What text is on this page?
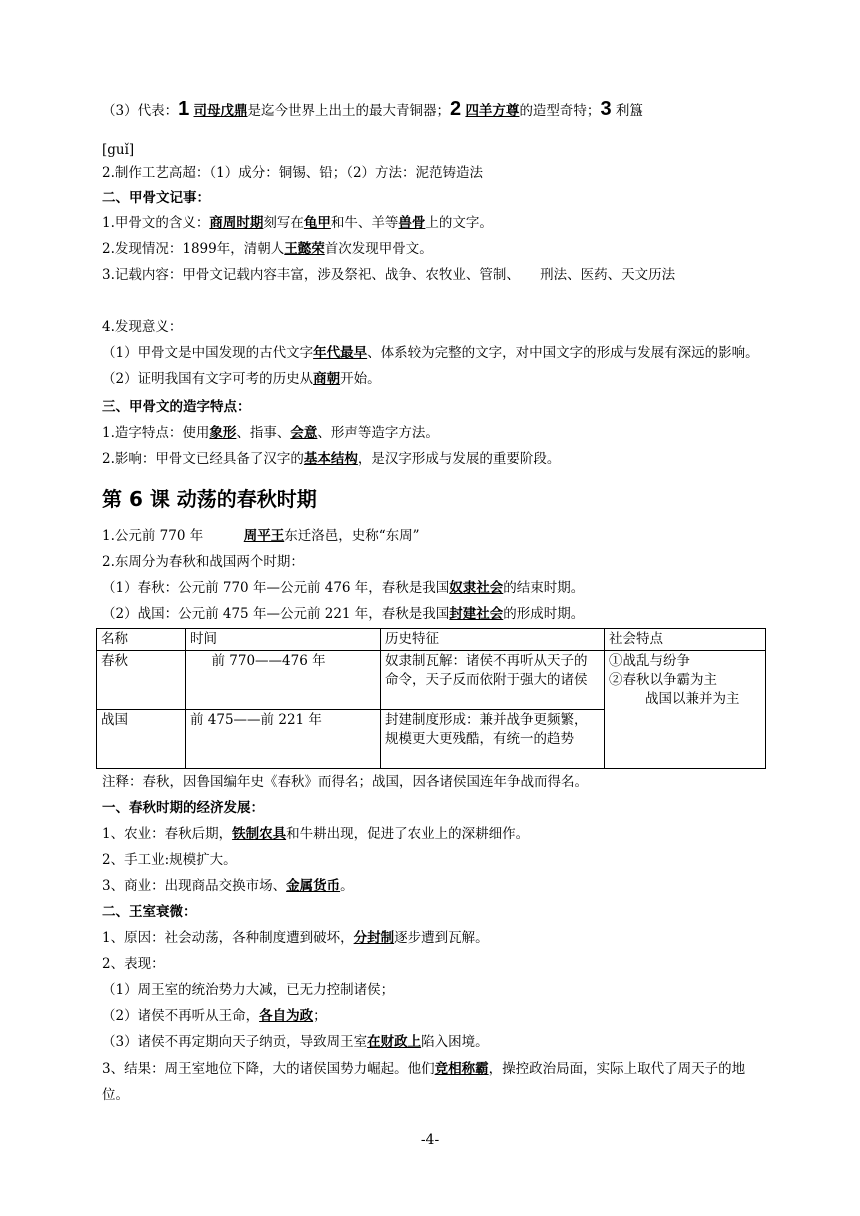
（3）代表：1 司母戊鼎是迄今世界上出土的最大青铜器；2 四羊方尊的造型奇特；3 利簋
[guǐ]
2.制作工艺高超：（1）成分：铜锡、铅；（2）方法：泥范铸造法
二、甲骨文记事：
1.甲骨文的含义：商周时期刻写在龟甲和牛、羊等兽骨上的文字。
2.发现情况：1899年，清朝人王懿荣首次发现甲骨文。
3.记载内容：甲骨文记载内容丰富，涉及祭祀、战争、农牧业、管制、　　刑法、医药、天文历法
4.发现意义：
（1）甲骨文是中国发现的古代文字年代最早、体系较为完整的文字，对中国文字的形成与发展有深远的影响。（2）证明我国有文字可考的历史从商朝开始。
三、甲骨文的造字特点：
1.造字特点：使用象形、指事、会意、形声等造字方法。
2.影响：甲骨文已经具备了汉字的基本结构，是汉字形成与发展的重要阶段。
第 6 课 动荡的春秋时期
1.公元前 770 年　　　周平王东迁洛邑，史称“东周”
2.东周分为春秋和战国两个时期：
（1）春秋：公元前 770 年—公元前 476 年，春秋是我国奴隶社会的结束时期。
（2）战国：公元前 475 年—公元前 221 年，春秋是我国封建社会的形成时期。
名称	时间	历史特征	社会特点
春秋	　前 770——476 年	奴隶制瓦解：诸侯不再听从天子的命令，天子反而依附于强大的诸侯	①战乱与纷争
②春秋以争霸为主
战国以兼并为主

战国	前 475——前 221 年	封建制度形成：兼并战争更频繁，规模更大更残酷，有统一的趋势	
注释：春秋，因鲁国编年史《春秋》而得名；战国，因各诸侯国连年争战而得名。
一、春秋时期的经济发展：
1、农业：春秋后期，铁制农具和牛耕出现，促进了农业上的深耕细作。
2、手工业:规模扩大。
3、商业：出现商品交换市场、金属货币。
二、王室衰微：
1、原因：社会动荡，各种制度遭到破坏，分封制逐步遭到瓦解。
2、表现：
（1）周王室的统治势力大减，已无力控制诸侯；
（2）诸侯不再听从王命，各自为政；
（3）诸侯不再定期向天子纳贡，导致周王室在财政上陷入困境。
3、结果：周王室地位下降，大的诸侯国势力崛起。他们竞相称霸，操控政治局面，实际上取代了周天子的地位。
-4-
